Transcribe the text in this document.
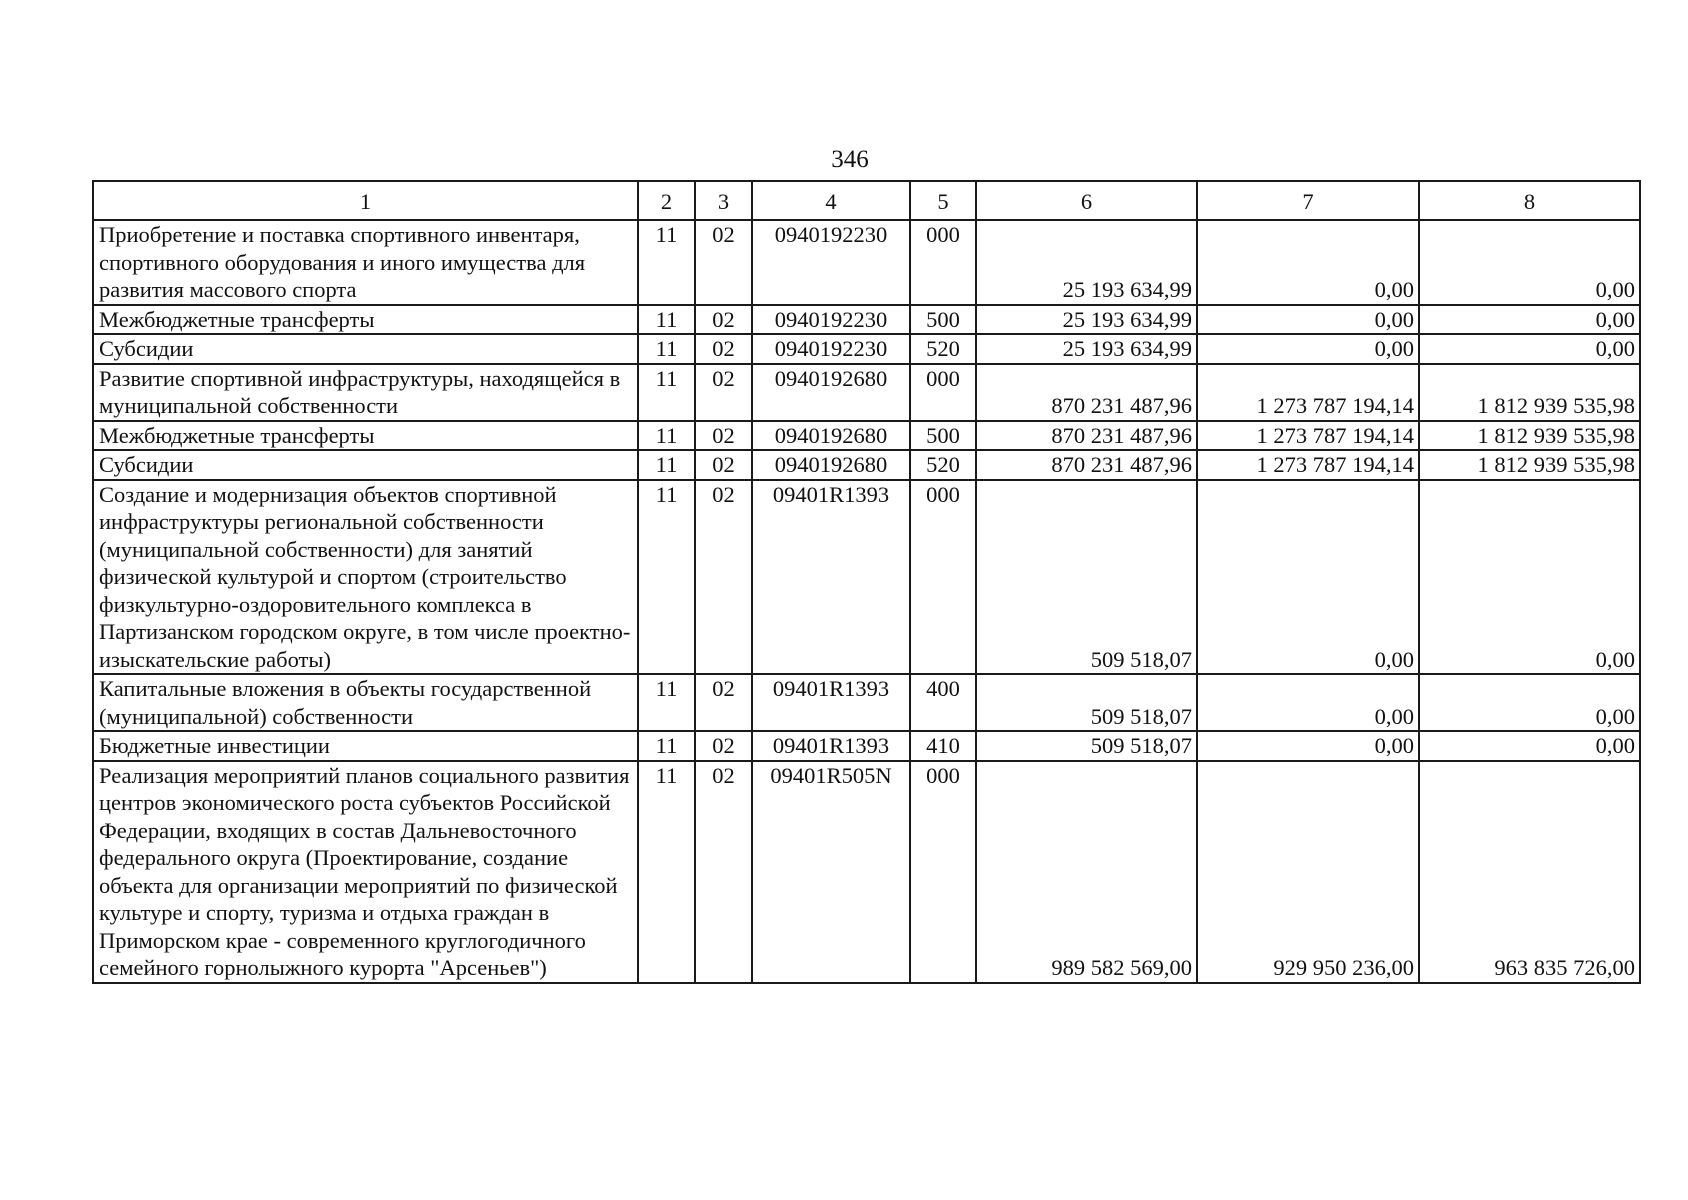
346
1	2	3	4	5	6	7	8
Приобретение и поставка спортивного инвентаря, спортивного оборудования и иного имущества для развития массового спорта	11	02	0940192230	000	25 193 634,99	0,00	0,00
Межбюджетные трансферты	11	02	0940192230	500	25 193 634,99	0,00	0,00
Субсидии	11	02	0940192230	520	25 193 634,99	0,00	0,00
Развитие спортивной инфраструктуры, находящейся в муниципальной собственности	11	02	0940192680	000	870 231 487,96	1 273 787 194,14	1 812 939 535,98
Межбюджетные трансферты	11	02	0940192680	500	870 231 487,96	1 273 787 194,14	1 812 939 535,98
Субсидии	11	02	0940192680	520	870 231 487,96	1 273 787 194,14	1 812 939 535,98
Создание и модернизация объектов спортивной инфраструктуры региональной собственности (муниципальной собственности) для занятий физической культурой и спортом (строительство физкультурно-оздоровительного комплекса в Партизанском городском округе, в том числе проектно-изыскательские работы)	11	02	09401R1393	000	509 518,07	0,00	0,00
Капитальные вложения в объекты государственной (муниципальной) собственности	11	02	09401R1393	400	509 518,07	0,00	0,00
Бюджетные инвестиции	11	02	09401R1393	410	509 518,07	0,00	0,00
Реализация мероприятий планов социального развития центров экономического роста субъектов Российской Федерации, входящих в состав Дальневосточного федерального округа (Проектирование, создание объекта для организации мероприятий по физической культуре и спорту, туризма и отдыха граждан в Приморском крае - современного круглогодичного семейного горнолыжного курорта "Арсеньев")	11	02	09401R505N	000	989 582 569,00	929 950 236,00	963 835 726,00
